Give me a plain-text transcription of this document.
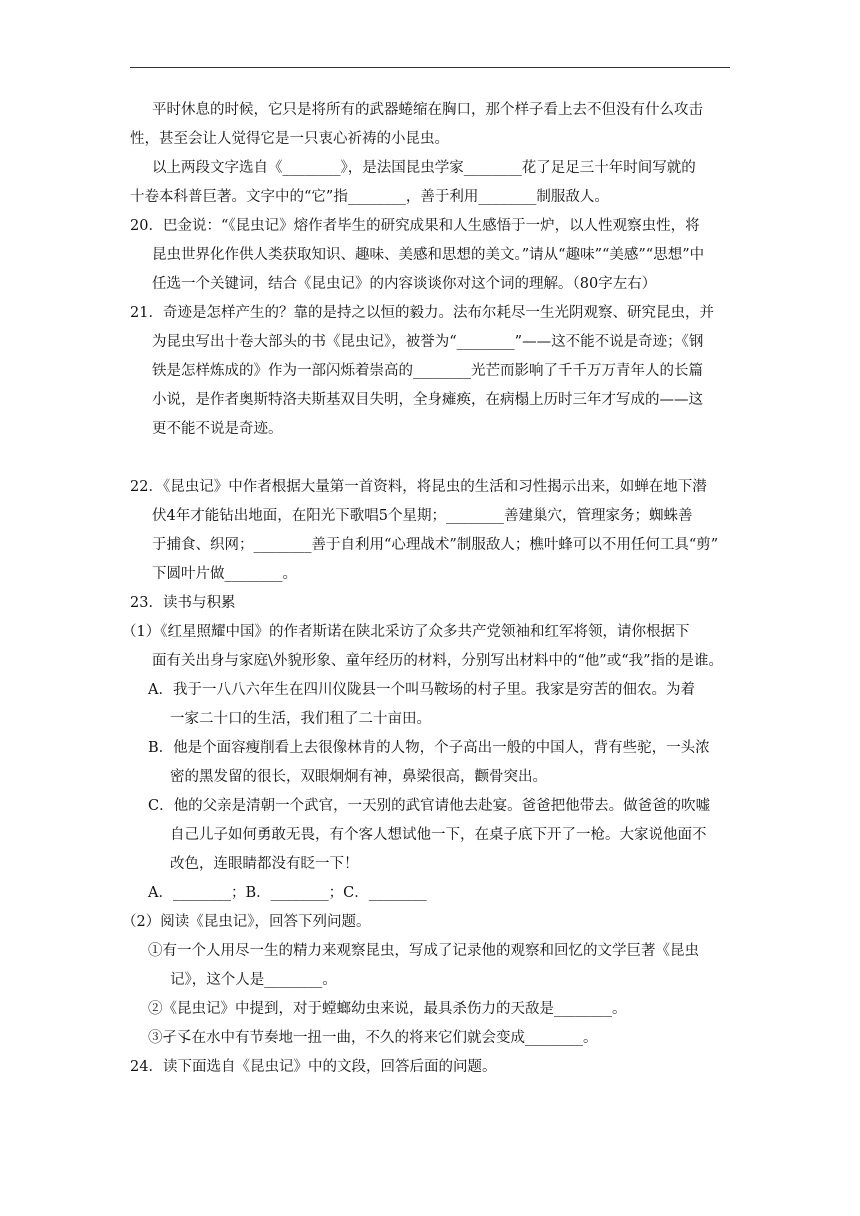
平时休息的时候，它只是将所有的武器蜷缩在胸口，那个样子看上去不但没有什么攻击

性，甚至会让人觉得它是一只衷心祈祷的小昆虫。

以上两段文字选自《________》，是法国昆虫学家________花了足足三十年时间写就的

十卷本科普巨著。文字中的“它”指________，善于利用________制服敌人。

20．巴金说：“《昆虫记》熔作者毕生的研究成果和人生感悟于一炉，以人性观察虫性，将

昆虫世界化作供人类获取知识、趣味、美感和思想的美文。”请从“趣味”“美感”“思想”中

任选一个关键词，结合《昆虫记》的内容谈谈你对这个词的理解。（80字左右）

21．奇迹是怎样产生的？靠的是持之以恒的毅力。法布尔耗尽一生光阴观察、研究昆虫，并

为昆虫写出十卷大部头的书《昆虫记》，被誉为“________”——这不能不说是奇迹；《钢

铁是怎样炼成的》作为一部闪烁着崇高的________光芒而影响了千千万万青年人的长篇

小说，是作者奥斯特洛夫斯基双目失明，全身瘫痪，在病榻上历时三年才写成的——这

更不能不说是奇迹。

22．《昆虫记》中作者根据大量第一首资料，将昆虫的生活和习性揭示出来，如蝉在地下潜

伏4年才能钻出地面，在阳光下歌唱5个星期；________善建巢穴，管理家务；蜘蛛善

于捕食、织网；________善于自利用“心理战术”制服敌人；樵叶蜂可以不用任何工具“剪”

下圆叶片做________。

23．读书与积累

（1）《红星照耀中国》的作者斯诺在陕北采访了众多共产党领袖和红军将领，请你根据下

面有关出身与家庭\外貌形象、童年经历的材料，分别写出材料中的“他”或“我”指的是谁。

A．我于一八八六年生在四川仪陇县一个叫马鞍场的村子里。我家是穷苦的佃农。为着

一家二十口的生活，我们租了二十亩田。

B．他是个面容瘦削看上去很像林肯的人物，个子高出一般的中国人，背有些驼，一头浓

密的黑发留的很长，双眼炯炯有神，鼻梁很高，颧骨突出。

C．他的父亲是清朝一个武官，一天别的武官请他去赴宴。爸爸把他带去。做爸爸的吹嘘

自己儿子如何勇敢无畏，有个客人想试他一下，在桌子底下开了一枪。大家说他面不

改色，连眼睛都没有眨一下！

A．________；B．________；C．________

（2）阅读《昆虫记》，回答下列问题。

①有一个人用尽一生的精力来观察昆虫，写成了记录他的观察和回忆的文学巨著《昆虫

记》，这个人是________。

②《昆虫记》中提到，对于螳螂幼虫来说，最具杀伤力的天敌是________。

③孑孓在水中有节奏地一扭一曲，不久的将来它们就会变成________。

24．读下面选自《昆虫记》中的文段，回答后面的问题。
